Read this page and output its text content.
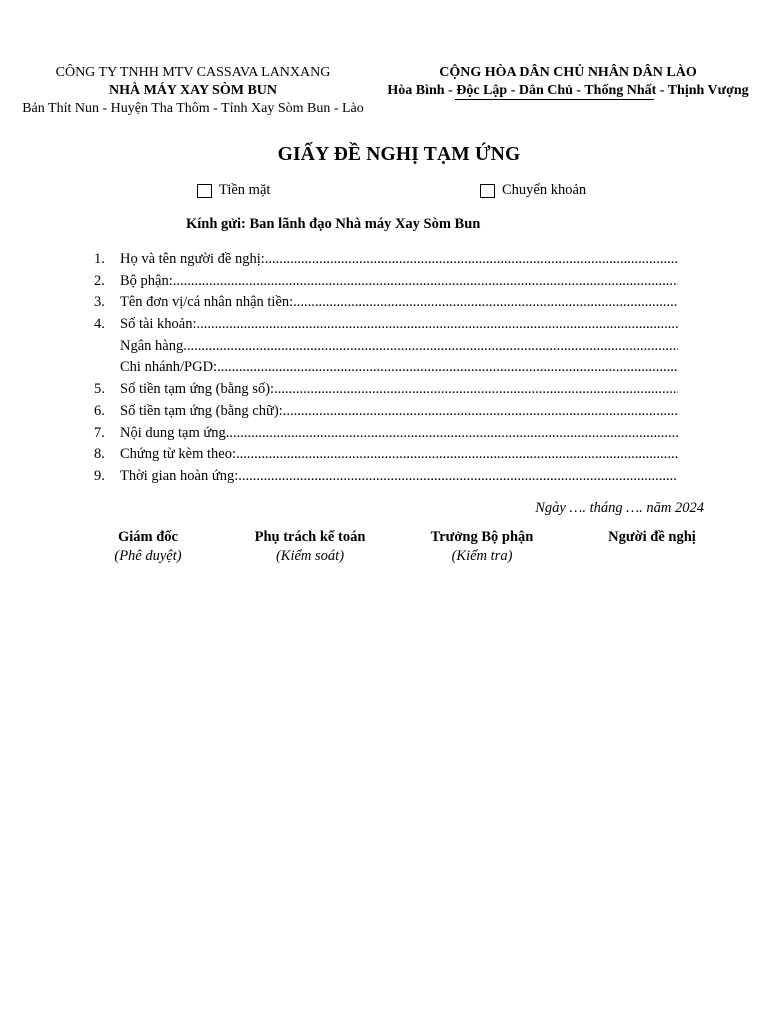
CÔNG TY TNHH MTV CASSAVA LANXANG
NHÀ MÁY XAY SÒM BUN
Bản Thít Nun - Huyện Tha Thôm - Tỉnh Xay Sòm Bun - Lào
CỘNG HÒA DÂN CHỦ NHÂN DÂN LÀO
Hòa Bình - Độc Lập - Dân Chủ - Thống Nhất - Thịnh Vượng
GIẤY ĐỀ NGHỊ TẠM ỨNG
Tiền mặt	Chuyển khoản
Kính gửi: Ban lãnh đạo Nhà máy Xay Sòm Bun
1.	Họ và tên người đề nghị:
.....
2.	Bộ phận:
.....
3.	Tên đơn vị/cá nhân nhận tiền:
.....
4.	Số tài khoản:
.....
Ngân hàng
.....
Chi nhánh/PGD:
.....
5.	Số tiền tạm ứng (bằng số):
.....
6.	Số tiền tạm ứng (bằng chữ):
.....
7.	Nội dung tạm ứng
.....
8.	Chứng từ kèm theo:
.....
9.	Thời gian hoàn ứng:
.....
Ngày …. tháng …. năm 2024
Giám đốc
(Phê duyệt)
Phụ trách kế toán
(Kiểm soát)
Trưởng Bộ phận
(Kiểm tra)
Người đề nghị
